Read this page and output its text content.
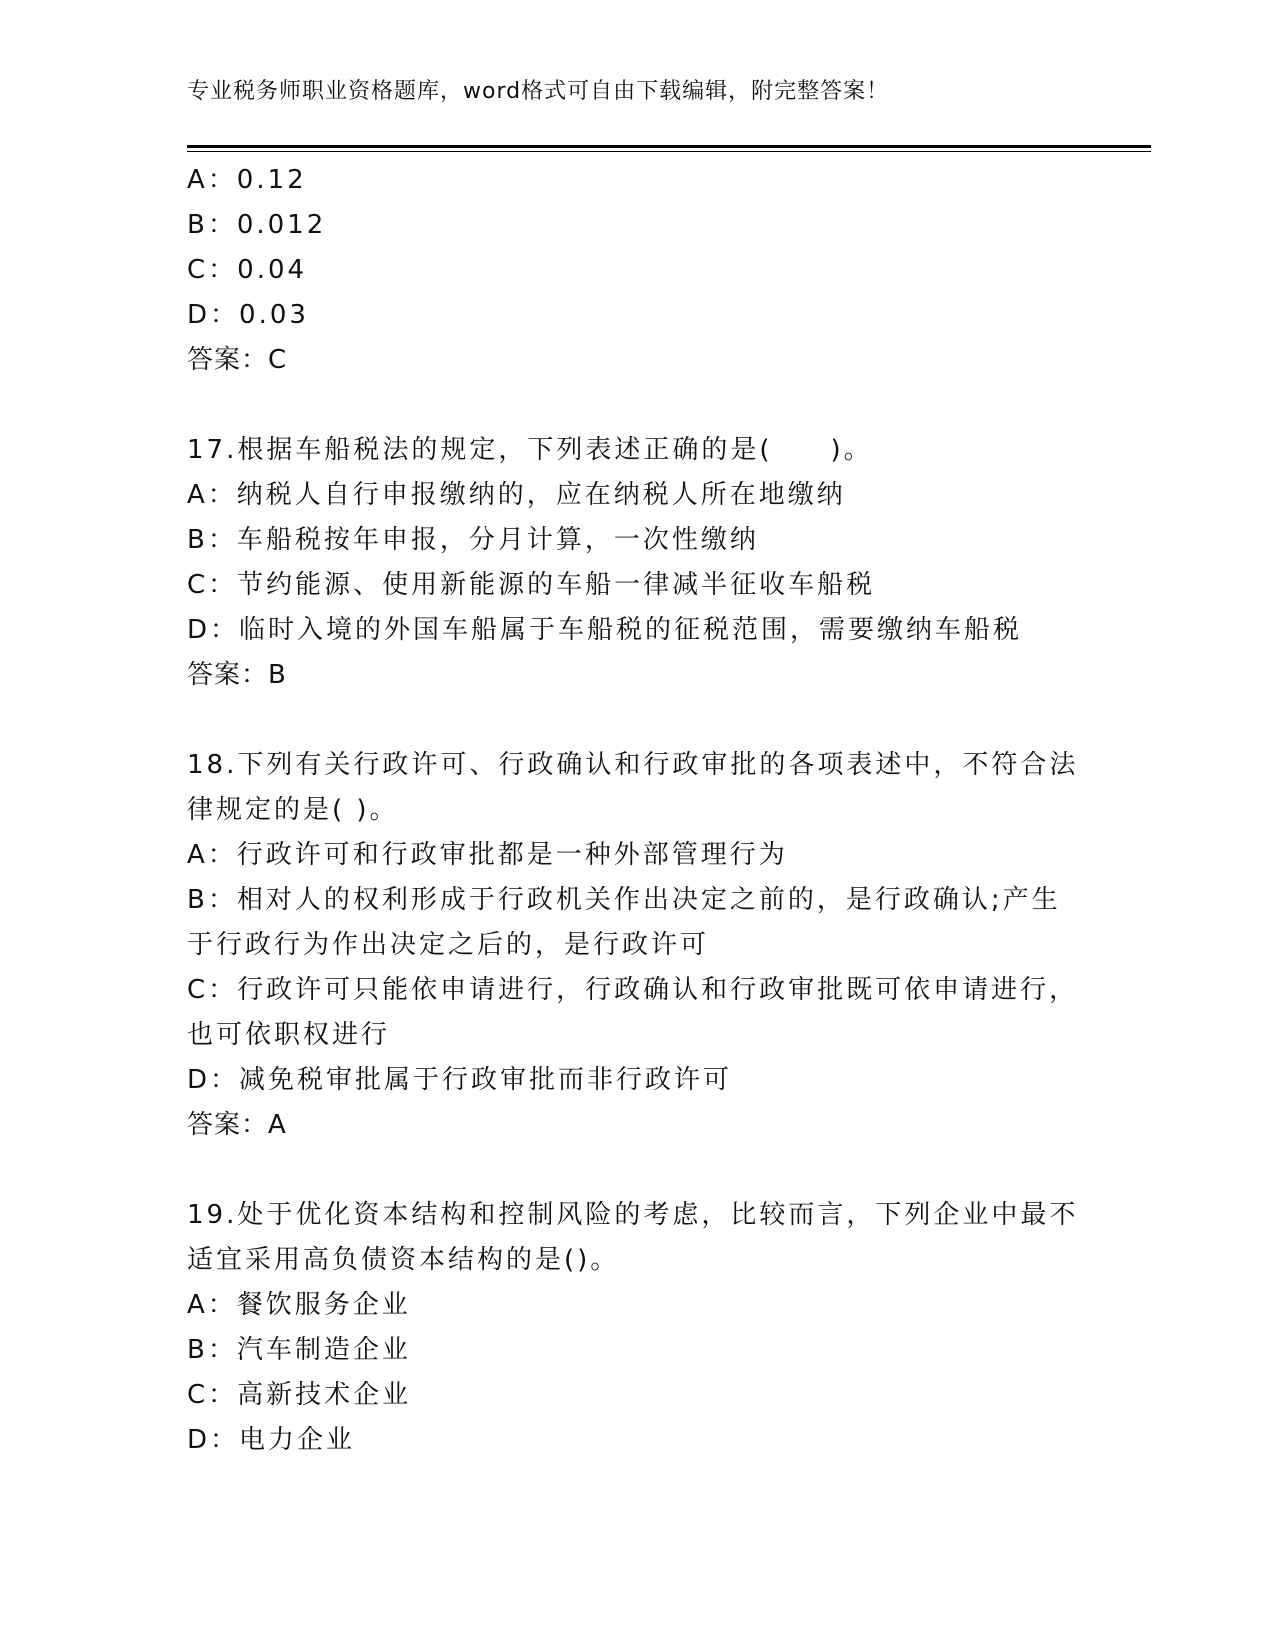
专业税务师职业资格题库，word格式可自由下载编辑，附完整答案！
A：0.12
B：0.012
C：0.04
D：0.03
答案：C
17.根据车船税法的规定，下列表述正确的是(　　)。
A：纳税人自行申报缴纳的，应在纳税人所在地缴纳
B：车船税按年申报，分月计算，一次性缴纳
C：节约能源、使用新能源的车船一律减半征收车船税
D：临时入境的外国车船属于车船税的征税范围，需要缴纳车船税
答案：B
18.下列有关行政许可、行政确认和行政审批的各项表述中，不符合法
律规定的是( )。
A：行政许可和行政审批都是一种外部管理行为
B：相对人的权利形成于行政机关作出决定之前的，是行政确认;产生
于行政行为作出决定之后的，是行政许可
C：行政许可只能依申请进行，行政确认和行政审批既可依申请进行，
也可依职权进行
D：减免税审批属于行政审批而非行政许可
答案：A
19.处于优化资本结构和控制风险的考虑，比较而言，下列企业中最不
适宜采用高负债资本结构的是()。
A：餐饮服务企业
B：汽车制造企业
C：高新技术企业
D：电力企业
